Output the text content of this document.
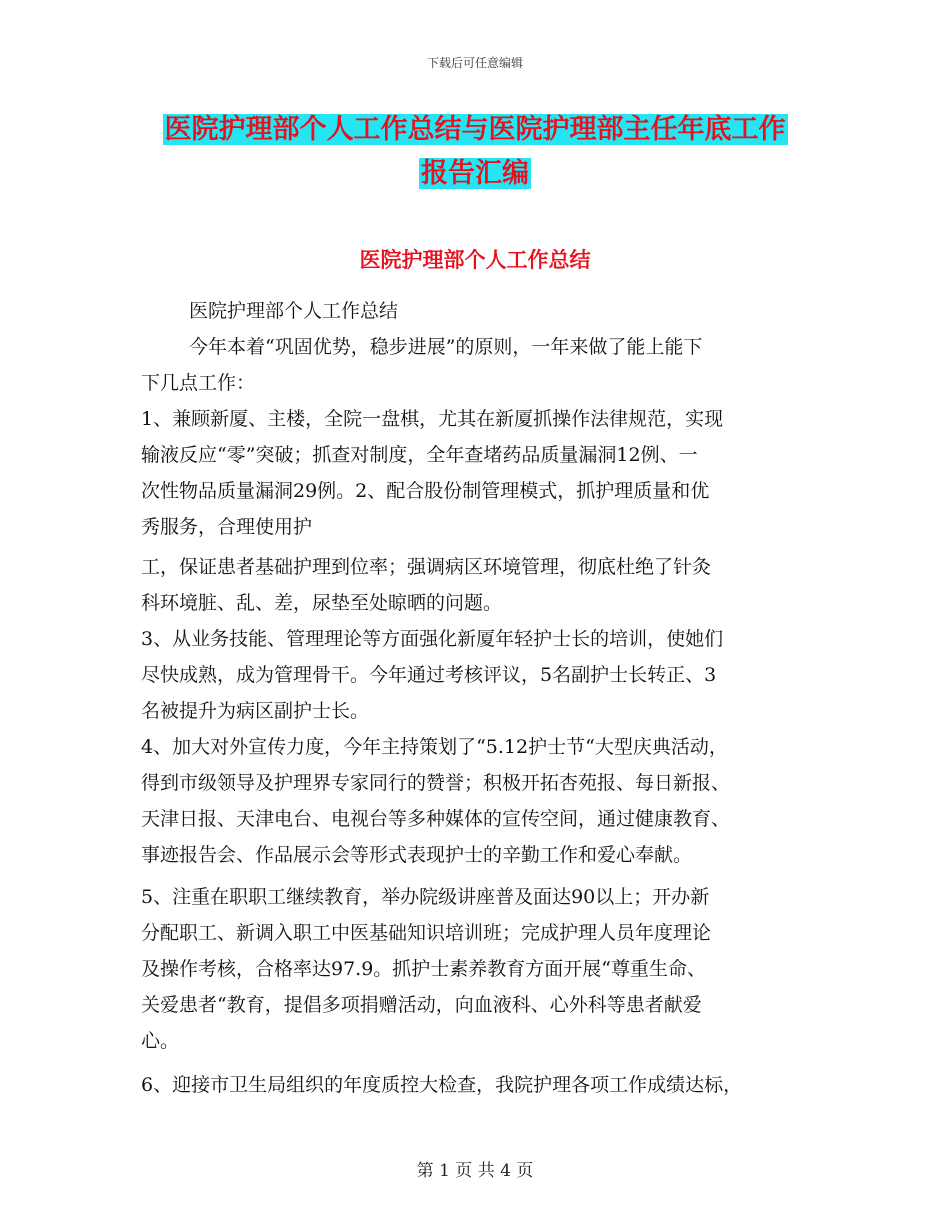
下载后可任意编辑
医院护理部个人工作总结与医院护理部主任年底工作
报告汇编
医院护理部个人工作总结
医院护理部个人工作总结
今年本着“巩固优势，稳步进展”的原则，一年来做了能上能下
下几点工作：
1、兼顾新厦、主楼，全院一盘棋，尤其在新厦抓操作法律规范，实现
输液反应“零”突破；抓查对制度，全年查堵药品质量漏洞12例、一
次性物品质量漏洞29例。2、配合股份制管理模式，抓护理质量和优
秀服务，合理使用护
工，保证患者基础护理到位率；强调病区环境管理，彻底杜绝了针灸
科环境脏、乱、差，尿垫至处晾晒的问题。
3、从业务技能、管理理论等方面强化新厦年轻护士长的培训，使她们
尽快成熟，成为管理骨干。今年通过考核评议，5名副护士长转正、3
名被提升为病区副护士长。
4、加大对外宣传力度，今年主持策划了“5.12护士节“大型庆典活动，
得到市级领导及护理界专家同行的赞誉；积极开拓杏苑报、每日新报、
天津日报、天津电台、电视台等多种媒体的宣传空间，通过健康教育、
事迹报告会、作品展示会等形式表现护士的辛勤工作和爱心奉献。
5、注重在职职工继续教育，举办院级讲座普及面达90以上；开办新
分配职工、新调入职工中医基础知识培训班；完成护理人员年度理论
及操作考核，合格率达97.9。抓护士素养教育方面开展“尊重生命、
关爱患者“教育，提倡多项捐赠活动，向血液科、心外科等患者献爱
心。
6、迎接市卫生局组织的年度质控大检查，我院护理各项工作成绩达标，
第 1 页 共 4 页
